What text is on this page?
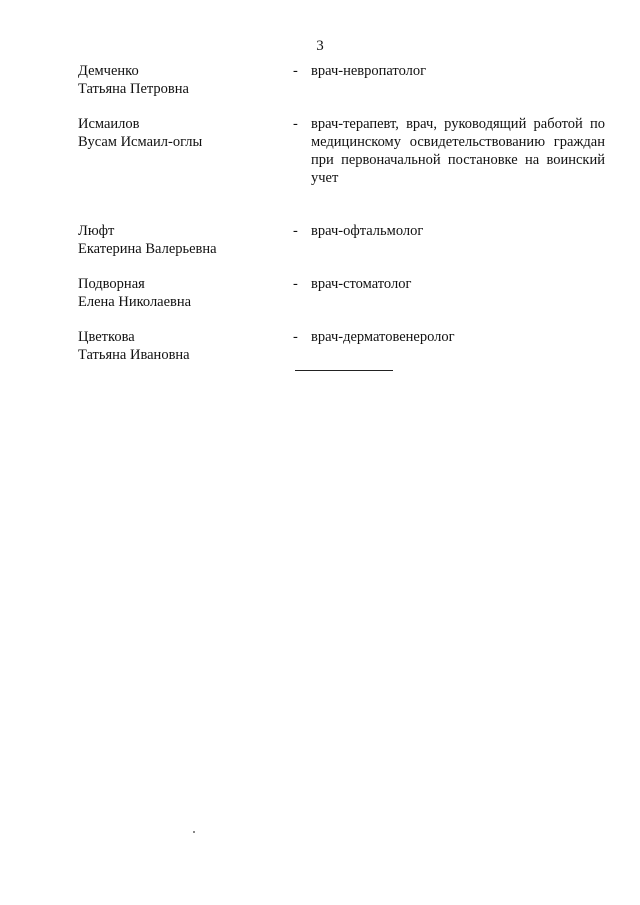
3
Демченко
Татьяна Петровна
- врач-невропатолог
Исмаилов
Вусам Исмаил-оглы
- врач-терапевт, врач, руководящий работой по медицинскому освидетельствованию граждан при первоначальной постановке на воинский учет
Люфт
Екатерина Валерьевна
- врач-офтальмолог
Подворная
Елена Николаевна
- врач-стоматолог
Цветкова
Татьяна Ивановна
- врач-дерматовенеролог
